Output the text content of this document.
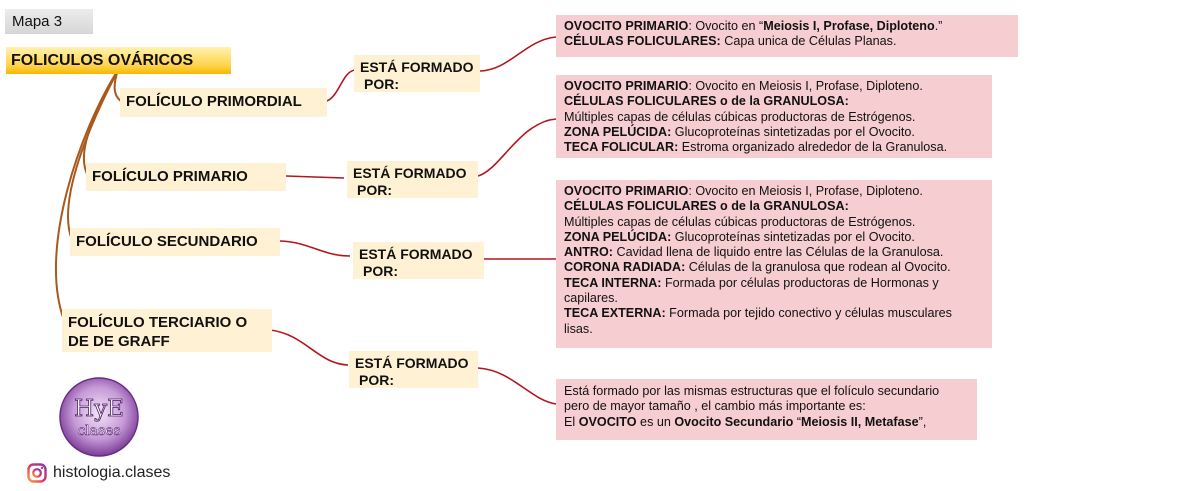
Mapa 3
FOLICULOS OVÁRICOS
FOLÍCULO PRIMORDIAL
FOLÍCULO PRIMARIO
FOLÍCULO SECUNDARIO
FOLÍCULO TERCIARIO O
DE DE GRAFF
ESTÁ FORMADO
POR:
ESTÁ FORMADO
POR:
ESTÁ FORMADO
POR:
ESTÁ FORMADO
POR:
OVOCITO PRIMARIO: Ovocito en “Meiosis I, Profase, Diploteno.”
CÉLULAS FOLICULARES: Capa unica de Células Planas.
OVOCITO PRIMARIO: Ovocito en Meiosis I, Profase, Diploteno.
CÉLULAS FOLICULARES o de la GRANULOSA:
Múltiples capas de células cúbicas productoras de Estrógenos.
ZONA PELÚCIDA: Glucoproteínas sintetizadas por el Ovocito.
TECA FOLICULAR: Estroma organizado alrededor de la Granulosa.
OVOCITO PRIMARIO: Ovocito en Meiosis I, Profase, Diploteno.
CÉLULAS FOLICULARES o de la GRANULOSA:
Múltiples capas de células cúbicas productoras de Estrógenos.
ZONA PELÚCIDA: Glucoproteínas sintetizadas por el Ovocito.
ANTRO: Cavidad llena de liquido entre las Células de la Granulosa.
CORONA RADIADA: Células de la granulosa que rodean al Ovocito.
TECA INTERNA: Formada por células productoras de Hormonas y
capilares.
TECA EXTERNA: Formada por tejido conectivo y células musculares
lisas.
Está formado por las mismas estructuras que el folículo secundario
pero de mayor tamaño , el cambio más importante es:
El OVOCITO es un Ovocito Secundario “Meiosis II, Metafase”,
HyE
clases
histologia.clases
